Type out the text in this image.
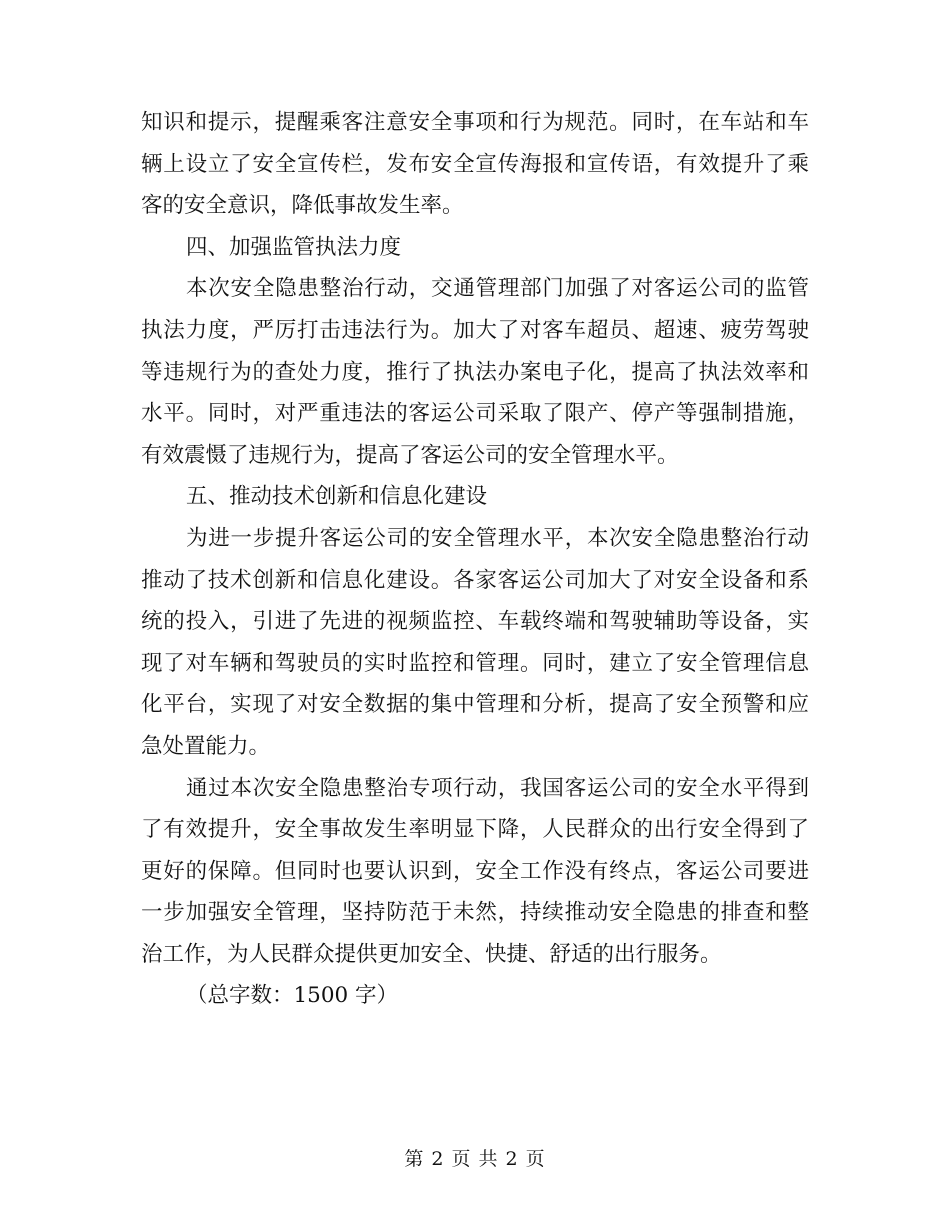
知识和提示，提醒乘客注意安全事项和行为规范。同时，在车站和车
辆上设立了安全宣传栏，发布安全宣传海报和宣传语，有效提升了乘
客的安全意识，降低事故发生率。
四、加强监管执法力度
本次安全隐患整治行动，交通管理部门加强了对客运公司的监管
执法力度，严厉打击违法行为。加大了对客车超员、超速、疲劳驾驶
等违规行为的查处力度，推行了执法办案电子化，提高了执法效率和
水平。同时，对严重违法的客运公司采取了限产、停产等强制措施，
有效震慑了违规行为，提高了客运公司的安全管理水平。
五、推动技术创新和信息化建设
为进一步提升客运公司的安全管理水平，本次安全隐患整治行动
推动了技术创新和信息化建设。各家客运公司加大了对安全设备和系
统的投入，引进了先进的视频监控、车载终端和驾驶辅助等设备，实
现了对车辆和驾驶员的实时监控和管理。同时，建立了安全管理信息
化平台，实现了对安全数据的集中管理和分析，提高了安全预警和应
急处置能力。
通过本次安全隐患整治专项行动，我国客运公司的安全水平得到
了有效提升，安全事故发生率明显下降，人民群众的出行安全得到了
更好的保障。但同时也要认识到，安全工作没有终点，客运公司要进
一步加强安全管理，坚持防范于未然，持续推动安全隐患的排查和整
治工作，为人民群众提供更加安全、快捷、舒适的出行服务。
（总字数：1500 字）
第 2 页 共 2 页
